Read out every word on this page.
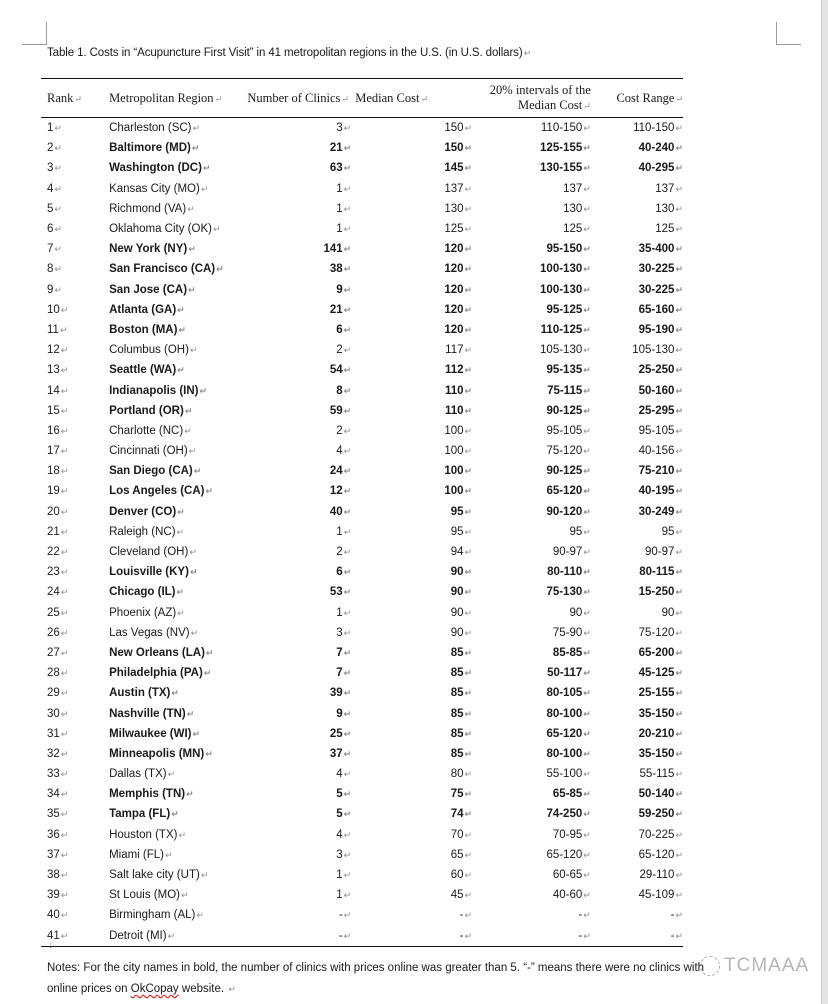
Table 1. Costs in “Acupuncture First Visit” in 41 metropolitan regions in the U.S. (in U.S. dollars)↵
Rank↵	Metropolitan Region↵	Number of Clinics↵	Median Cost↵	20% intervals of the
Median Cost↵	Cost Range↵
1↵	Charleston (SC)↵	3↵	150↵	110-150↵	110-150↵
2↵	Baltimore (MD)↵	21↵	150↵	125-155↵	40-240↵
3↵	Washington (DC)↵	63↵	145↵	130-155↵	40-295↵
4↵	Kansas City (MO)↵	1↵	137↵	137↵	137↵
5↵	Richmond (VA)↵	1↵	130↵	130↵	130↵
6↵	Oklahoma City (OK)↵	1↵	125↵	125↵	125↵
7↵	New York (NY)↵	141↵	120↵	95-150↵	35-400↵
8↵	San Francisco (CA)↵	38↵	120↵	100-130↵	30-225↵
9↵	San Jose (CA)↵	9↵	120↵	100-130↵	30-225↵
10↵	Atlanta (GA)↵	21↵	120↵	95-125↵	65-160↵
11↵	Boston (MA)↵	6↵	120↵	110-125↵	95-190↵
12↵	Columbus (OH)↵	2↵	117↵	105-130↵	105-130↵
13↵	Seattle (WA)↵	54↵	112↵	95-135↵	25-250↵
14↵	Indianapolis (IN)↵	8↵	110↵	75-115↵	50-160↵
15↵	Portland (OR)↵	59↵	110↵	90-125↵	25-295↵
16↵	Charlotte (NC)↵	2↵	100↵	95-105↵	95-105↵
17↵	Cincinnati (OH)↵	4↵	100↵	75-120↵	40-156↵
18↵	San Diego (CA)↵	24↵	100↵	90-125↵	75-210↵
19↵	Los Angeles (CA)↵	12↵	100↵	65-120↵	40-195↵
20↵	Denver (CO)↵	40↵	95↵	90-120↵	30-249↵
21↵	Raleigh (NC)↵	1↵	95↵	95↵	95↵
22↵	Cleveland (OH)↵	2↵	94↵	90-97↵	90-97↵
23↵	Louisville (KY)↵	6↵	90↵	80-110↵	80-115↵
24↵	Chicago (IL)↵	53↵	90↵	75-130↵	15-250↵
25↵	Phoenix (AZ)↵	1↵	90↵	90↵	90↵
26↵	Las Vegas (NV)↵	3↵	90↵	75-90↵	75-120↵
27↵	New Orleans (LA)↵	7↵	85↵	85-85↵	65-200↵
28↵	Philadelphia (PA)↵	7↵	85↵	50-117↵	45-125↵
29↵	Austin (TX)↵	39↵	85↵	80-105↵	25-155↵
30↵	Nashville (TN)↵	9↵	85↵	80-100↵	35-150↵
31↵	Milwaukee (WI)↵	25↵	85↵	65-120↵	20-210↵
32↵	Minneapolis (MN)↵	37↵	85↵	80-100↵	35-150↵
33↵	Dallas (TX)↵	4↵	80↵	55-100↵	55-115↵
34↵	Memphis (TN)↵	5↵	75↵	65-85↵	50-140↵
35↵	Tampa (FL)↵	5↵	74↵	74-250↵	59-250↵
36↵	Houston (TX)↵	4↵	70↵	70-95↵	70-225↵
37↵	Miami (FL)↵	3↵	65↵	65-120↵	65-120↵
38↵	Salt lake city (UT)↵	1↵	60↵	60-65↵	29-110↵
39↵	St Louis (MO)↵	1↵	45↵	40-60↵	45-109↵
40↵	Birmingham (AL)↵	-↵	-↵	-↵	-↵
41↵	Detroit (MI)↵	-↵	-↵	-↵	-↵
↓
Notes: For the city names in bold, the number of clinics with prices online was greater than 5. “-” means there were no clinics with
online prices on OkCopay website. ↵
TCMAAA
